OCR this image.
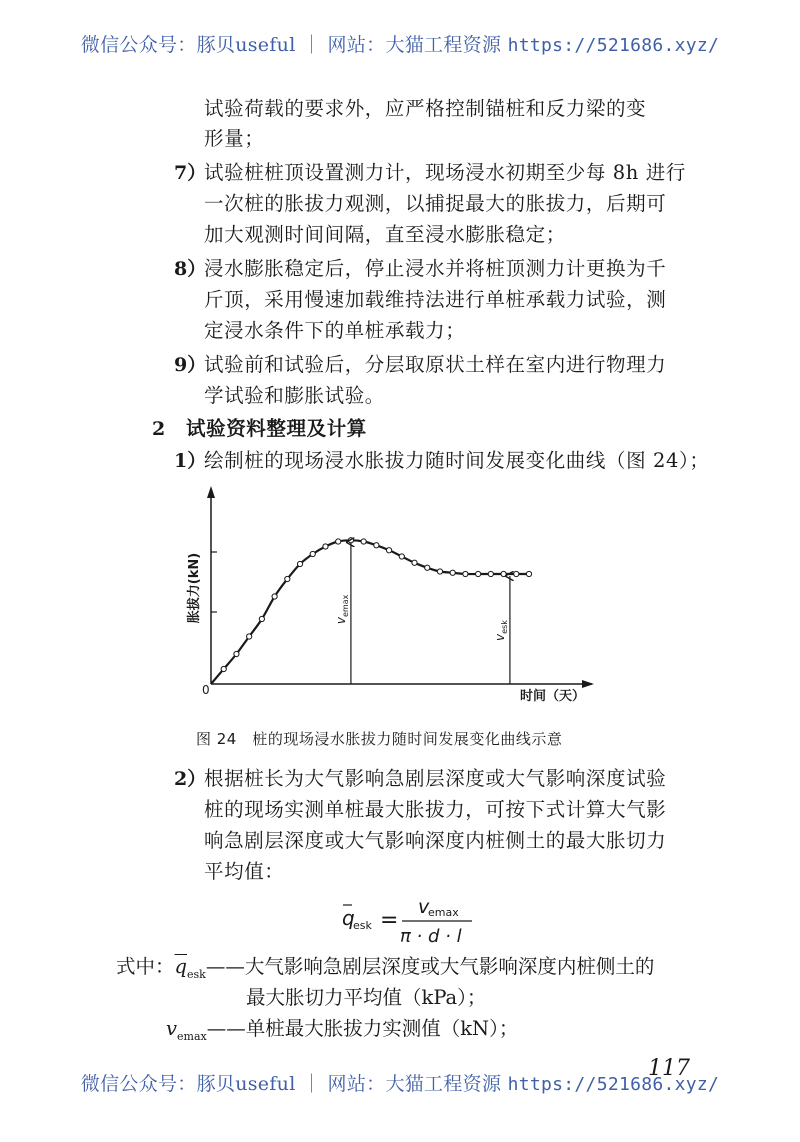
微信公众号：豚贝useful ｜ 网站：大猫工程资源 https://521686.xyz/
试验荷载的要求外，应严格控制锚桩和反力梁的变
形量；
7）
试验桩桩顶设置测力计，现场浸水初期至少每 8h 进行
一次桩的胀拔力观测，以捕捉最大的胀拔力，后期可
加大观测时间间隔，直至浸水膨胀稳定；
8）
浸水膨胀稳定后，停止浸水并将桩顶测力计更换为千
斤顶，采用慢速加载维持法进行单桩承载力试验，测
定浸水条件下的单桩承载力；
9）
试验前和试验后，分层取原状土样在室内进行物理力
学试验和膨胀试验。
2 试验资料整理及计算
1）
绘制桩的现场浸水胀拔力随时间发展变化曲线（图 24）；
胀拔力(kN)
时间（天）
0
$v_{emax}$
$v_{esk}$
图 24　桩的现场浸水胀拔力随时间发展变化曲线示意
2）
根据桩长为大气影响急剧层深度或大气影响深度试验
桩的现场实测单桩最大胀拔力，可按下式计算大气影
响急剧层深度或大气影响深度内桩侧土的最大胀切力
平均值：
q
esk =
v
emax
π · d · l
式中：$\overline{q}_{esk}——$大气影响急剧层深度或大气影响深度内桩侧土的
最大胀切力平均值（kPa）；
$v_{emax}——$单桩最大胀拔力实测值（kN）；
117
微信公众号：豚贝useful ｜ 网站：大猫工程资源 https://521686.xyz/
